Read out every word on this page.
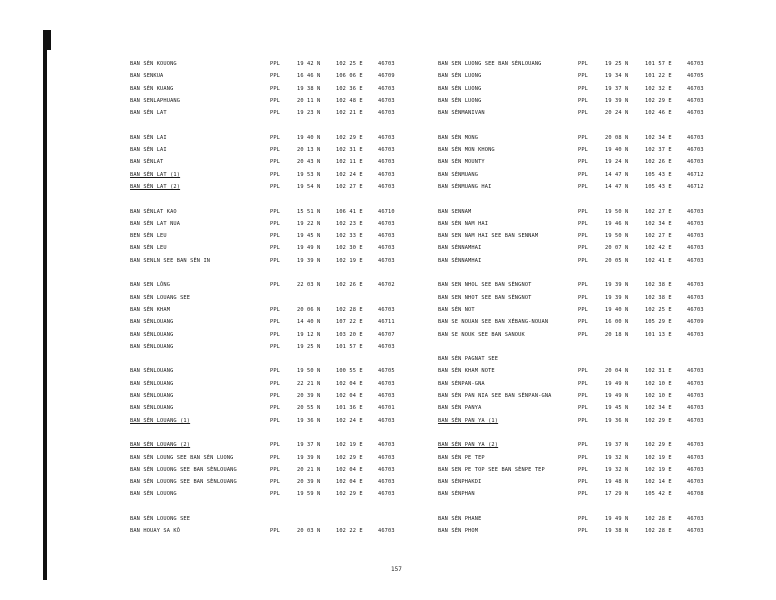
BAN SÈN KOUONG	PPL	19 42 N	102 25 E	46703
BAN SENKUA	PPL	16 46 N	106 06 E	46709
BAN SÈN KUANG	PPL	19 38 N	102 36 E	46703
BAN SENLAPHUANG	PPL	20 11 N	102 48 E	46703
BAN SÈN LAT	PPL	19 23 N	102 21 E	46703
BAN SÈN LAI	PPL	19 40 N	102 29 E	46703
BAN SÈN LAI	PPL	20 13 N	102 31 E	46703
BAN SÈNLAT	PPL	20 43 N	102 11 E	46703
BAN SÈN LAT (1)	PPL	19 53 N	102 24 E	46703
BAN SÈN LAT (2)	PPL	19 54 N	102 27 E	46703
BAN SÈNLAT KAO	PPL	15 51 N	106 41 E	46710
BAN SÈN LAT NUA	PPL	19 22 N	102 23 E	46703
BEN SÈN LEU	PPL	19 45 N	102 33 E	46703
BAN SÈN LEU	PPL	19 49 N	102 30 E	46703
BAN SENLN SEE BAN SÈN IN	PPL	19 39 N	102 19 E	46703
BAN SEN LÔNG	PPL	22 03 N	102 26 E	46702
BAN SÈN LOUANG SEE
BAN SÈN KHAM	PPL	20 06 N	102 28 E	46703
BAN SÈNLOUANG	PPL	14 40 N	107 22 E	46711
BAN SÈNLOUANG	PPL	19 12 N	103 20 E	46707
BAN SÈNLOUANG	PPL	19 25 N	101 57 E	46703
BAN SÈNLOUANG	PPL	19 50 N	100 55 E	46705
BAN SÈNLOUANG	PPL	22 21 N	102 04 E	46703
BAN SÈNLOUANG	PPL	20 39 N	102 04 E	46703
BAN SÈNLOUANG	PPL	20 55 N	101 36 E	46701
BAN SÈN LOUANG (1)	PPL	19 36 N	102 24 E	46703
BAN SÈN LOUANG (2)	PPL	19 37 N	102 19 E	46703
BAN SÈN LOUNG SEE BAN SÈN LUONG	PPL	19 39 N	102 29 E	46703
BAN SÈN LOUONG SEE BAN SÈNLOUANG	PPL	20 21 N	102 04 E	46703
BAN SÈN LOUONG SEE BAN SÈNLOUANG	PPL	20 39 N	102 04 E	46703
BAN SÈN LOUONG	PPL	19 59 N	102 29 E	46703
BAN SÈN LOUONG SEE
BAN HOUAY SA KÔ	PPL	20 03 N	102 22 E	46703
BAN SEN LUONG SEE BAN SÈNLOUANG	PPL	19 25 N	101 57 E	46703
BAN SÈN LUONG	PPL	19 34 N	101 22 E	46705
BAN SÈN LUONG	PPL	19 37 N	102 32 E	46703
BAN SÈN LUONG	PPL	19 39 N	102 29 E	46703
BAN SÈNMANIVAN	PPL	20 24 N	102 46 E	46703
BAN SÈN MONG	PPL	20 08 N	102 34 E	46703
BAN SÈN MON KHONG	PPL	19 40 N	102 37 E	46703
BAN SÈN MOUNTY	PPL	19 24 N	102 26 E	46703
BAN SÈNMUANG	PPL	14 47 N	105 43 E	46712
BAN SÈNMUANG HAI	PPL	14 47 N	105 43 E	46712
BAN SENNAM	PPL	19 50 N	102 27 E	46703
BAN SÈN NAM HAI	PPL	19 46 N	102 34 E	46703
BAN SEN NAM HAI SEE BAN SENNAM	PPL	19 50 N	102 27 E	46703
BAN SÈNNAMHAI	PPL	20 07 N	102 42 E	46703
BAN SÈNNAMHAI	PPL	20 05 N	102 41 E	46703
BAN SEN NHOL SEE BAN SÈNGNOT	PPL	19 39 N	102 38 E	46703
BAN SEN NHOT SEE BAN SÈNGNOT	PPL	19 39 N	102 38 E	46703
BAN SÈN NOT	PPL	19 40 N	102 25 E	46703
BAN SE NOUAN SEE BAN XÉBANG-NOUAN	PPL	16 00 N	105 29 E	46709
BAN SE NOUK SEE BAN SANOUK	PPL	20 18 N	101 13 E	46703
BAN SÈN PAGNAT SEE
BAN SÈN KHAM NOTE	PPL	20 04 N	102 31 E	46703
BAN SÈNPAN-GNA	PPL	19 49 N	102 10 E	46703
BAN SÈN PAN NIA SEE BAN SÈNPAN-GNA	PPL	19 49 N	102 10 E	46703
BAN SÈN PANYA	PPL	19 45 N	102 34 E	46703
BAN SÈN PAN YA (1)	PPL	19 36 N	102 29 E	46703
BAN SÈN PAN YA (2)	PPL	19 37 N	102 29 E	46703
BAN SÈN PE TEP	PPL	19 32 N	102 19 E	46703
BAN SEN PE TOP SEE BAN SÈNPE TEP	PPL	19 32 N	102 19 E	46703
BAN SÈNPHAKDI	PPL	19 48 N	102 14 E	46703
BAN SÈNPHAN	PPL	17 29 N	105 42 E	46708
BAN SÈN PHANE	PPL	19 49 N	102 28 E	46703
BAN SÈN PHOM	PPL	19 38 N	102 28 E	46703
157
